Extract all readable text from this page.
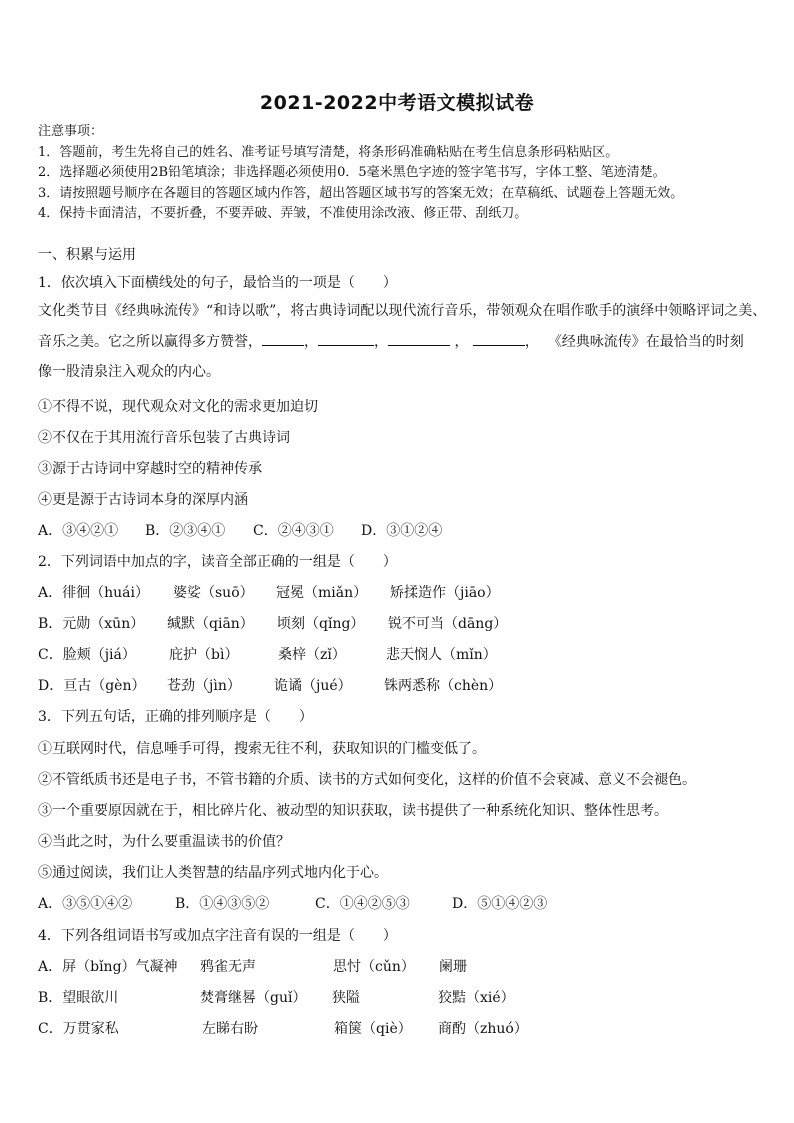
2021-2022中考语文模拟试卷
注意事项：
1．答题前，考生先将自己的姓名、准考证号填写清楚，将条形码准确粘贴在考生信息条形码粘贴区。
2．选择题必须使用2B铅笔填涂；非选择题必须使用0．5毫米黑色字迹的签字笔书写，字体工整、笔迹清楚。
3．请按照题号顺序在各题目的答题区域内作答，超出答题区域书写的答案无效；在草稿纸、试题卷上答题无效。
4．保持卡面清洁，不要折叠，不要弄破、弄皱，不准使用涂改液、修正带、刮纸刀。
一、积累与运用
1．依次填入下面横线处的句子，最恰当的一项是（　　）
文化类节目《经典咏流传》“和诗以歌”，将古典诗词配以现代流行音乐，带领观众在唱作歌手的演绎中领略评词之美、
音乐之美。它之所以赢得多方赞誉，	，	，	，	， 《经典咏流传》在最恰当的时刻
像一股清泉注入观众的内心。
①不得不说，现代观众对文化的需求更加迫切
②不仅在于其用流行音乐包装了古典诗词
③源于古诗词中穿越时空的精神传承
④更是源于古诗词本身的深厚内涵
A．③④②① B．②③④① C．②④③① D．③①②④
2．下列词语中加点的字，读音全部正确的一组是（　　）
A．徘徊（huái） 婆娑（suō） 冠冕（miǎn） 矫揉造作（jiāo）
B．元勋（xūn） 缄默（qiān） 顷刻（qǐng） 锐不可当（dāng）
C．脸颊（jiá） 庇护（bì）	桑梓（zǐ）	悲天悯人（mǐn）
D．亘古（gèn） 苍劲（jìn） 诡谲（jué） 铢两悉称（chèn）
3．下列五句话，正确的排列顺序是（　　）
①互联网时代，信息唾手可得，搜索无往不利，获取知识的门槛变低了。
②不管纸质书还是电子书，不管书籍的介质、读书的方式如何变化，这样的价值不会衰减、意义不会褪色。
③一个重要原因就在于，相比碎片化、被动型的知识获取，读书提供了一种系统化知识、整体性思考。
④当此之时，为什么要重温读书的价值？
⑤通过阅读，我们让人类智慧的结晶序列式地内化于心。
A．③⑤①④②	B．①④③⑤②	C．①④②⑤③	D．⑤①④②③
4．下列各组词语书写或加点字注音有误的一组是（　　）
A．屏（bǐng）气凝神 鸦雀无声	思忖（cǔn） 阑珊
B．望眼欲川	焚膏继晷（guǐ） 狭隘	狡黠（xié）
C．万贯家私	左睇右盼	箱箧（qiè） 商酌（zhuó）
